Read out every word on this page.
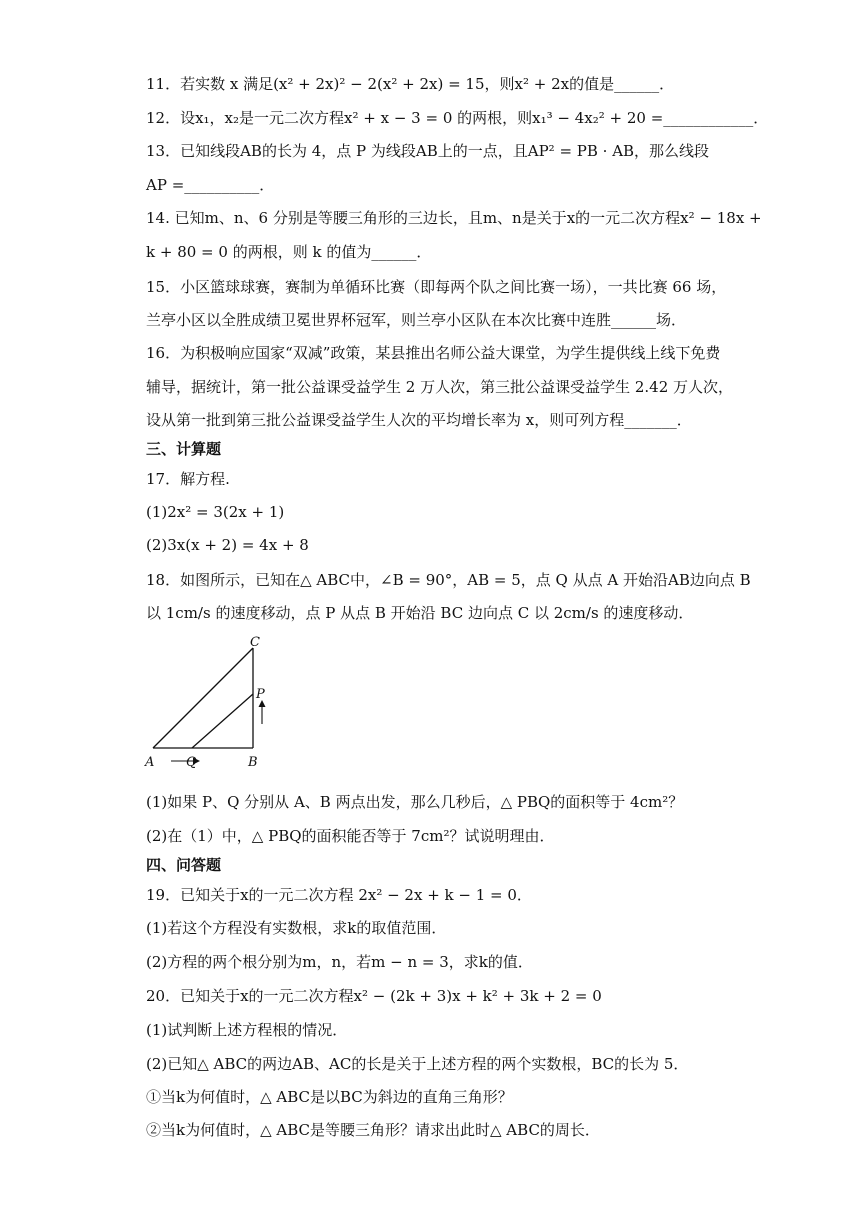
11．若实数 x 满足(x² + 2x)² − 2(x² + 2x) = 15，则x² + 2x的值是______．
12．设x₁，x₂是一元二次方程x² + x − 3 = 0 的两根，则x₁³ − 4x₂² + 20 =____________．
13．已知线段AB的长为 4，点 P 为线段AB上的一点，且AP² = PB · AB，那么线段
AP =__________．
14. 已知m、n、6 分别是等腰三角形的三边长，且m、n是关于x的一元二次方程x² − 18x +
k + 80 = 0 的两根，则 k 的值为______．
15．小区篮球球赛，赛制为单循环比赛（即每两个队之间比赛一场），一共比赛 66 场，
兰亭小区以全胜成绩卫冕世界杯冠军，则兰亭小区队在本次比赛中连胜______场．
16．为积极响应国家“双减”政策，某县推出名师公益大课堂，为学生提供线上线下免费
辅导，据统计，第一批公益课受益学生 2 万人次，第三批公益课受益学生 2.42 万人次，
设从第一批到第三批公益课受益学生人次的平均增长率为 x，则可列方程_______．
三、计算题
17．解方程.
(1)2x² = 3(2x + 1)
(2)3x(x + 2) = 4x + 8
18．如图所示，已知在△ ABC中，∠B = 90°，AB = 5，点 Q 从点 A 开始沿AB边向点 B
以 1cm/s 的速度移动，点 P 从点 B 开始沿 BC 边向点 C 以 2cm/s 的速度移动．
C
P
A Q	B
(1)如果 P、Q 分别从 A、B 两点出发，那么几秒后，△ PBQ的面积等于 4cm²？
(2)在（1）中，△ PBQ的面积能否等于 7cm²？试说明理由．
四、问答题
19．已知关于x的一元二次方程 2x² − 2x + k − 1 = 0．
(1)若这个方程没有实数根，求k的取值范围．
(2)方程的两个根分别为m，n，若m − n = 3，求k的值．
20．已知关于x的一元二次方程x² − (2k + 3)x + k² + 3k + 2 = 0
(1)试判断上述方程根的情况．
(2)已知△ ABC的两边AB、AC的长是关于上述方程的两个实数根，BC的长为 5．
①当k为何值时，△ ABC是以BC为斜边的直角三角形？
②当k为何值时，△ ABC是等腰三角形？请求出此时△ ABC的周长．
